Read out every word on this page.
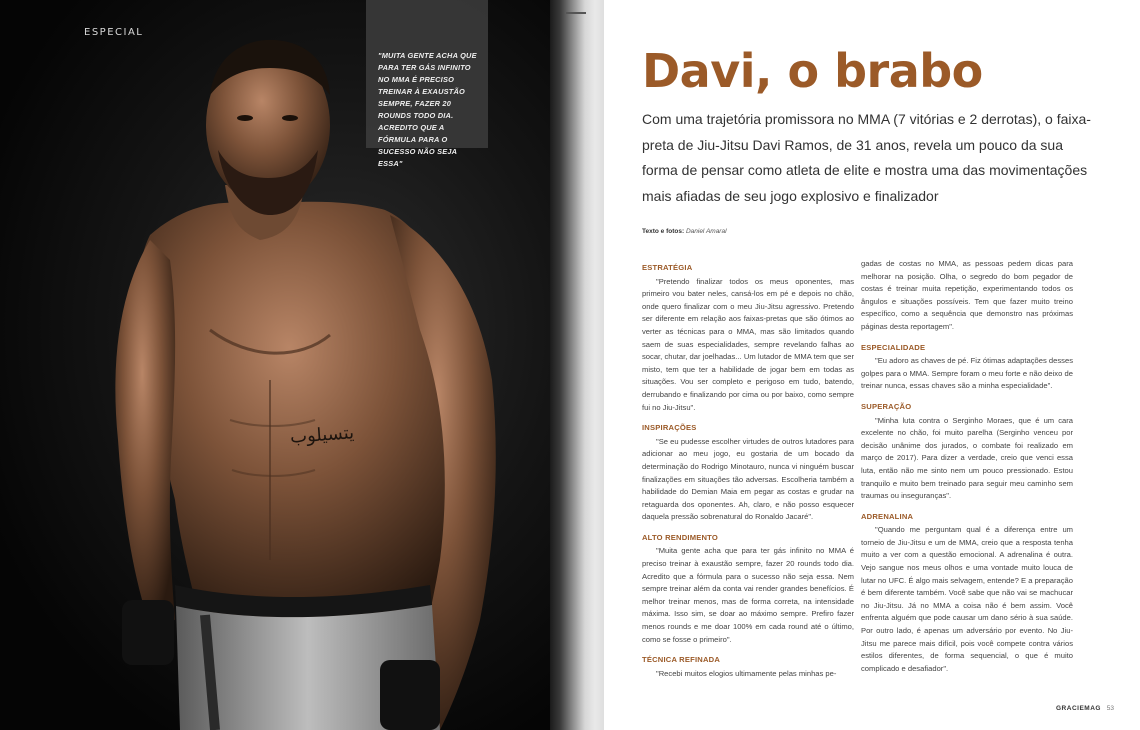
يتسيلوب
ESPECIAL
"MUITA GENTE ACHA QUE PARA TER GÁS INFINITO NO MMA É PRECISO TREINAR À EXAUSTÃO SEMPRE, FAZER 20 ROUNDS TODO DIA. ACREDITO QUE A FÓRMULA PARA O SUCESSO NÃO SEJA ESSA"
Davi, o brabo

Com uma trajetória promissora no MMA (7 vitórias e 2 derrotas), o faixa-preta de Jiu-Jitsu Davi Ramos, de 31 anos, revela um pouco da sua forma de pensar como atleta de elite e mostra uma das movimentações mais afiadas de seu jogo explosivo e finalizador

Texto e fotos: Daniel Amaral
ESTRATÉGIA

"Pretendo finalizar todos os meus oponentes, mas primeiro vou bater neles, cansá-los em pé e depois no chão, onde quero finalizar com o meu Jiu-Jitsu agressivo. Pretendo ser diferente em relação aos faixas-pretas que são ótimos ao verter as técnicas para o MMA, mas são limitados quando saem de suas especialidades, sempre revelando falhas ao socar, chutar, dar joelhadas... Um lutador de MMA tem que ser misto, tem que ter a habilidade de jogar bem em todas as situações. Vou ser completo e perigoso em tudo, batendo, derrubando e finalizando por cima ou por baixo, como sempre fui no Jiu-Jitsu".

INSPIRAÇÕES

"Se eu pudesse escolher virtudes de outros lutadores para adicionar ao meu jogo, eu gostaria de um bocado da determinação do Rodrigo Minotauro, nunca vi ninguém buscar finalizações em situações tão adversas. Escolheria também a habilidade do Demian Maia em pegar as costas e grudar na retaguarda dos oponentes. Ah, claro, e não posso esquecer daquela pressão sobrenatural do Ronaldo Jacaré".

ALTO RENDIMENTO

"Muita gente acha que para ter gás infinito no MMA é preciso treinar à exaustão sempre, fazer 20 rounds todo dia. Acredito que a fórmula para o sucesso não seja essa. Nem sempre treinar além da conta vai render grandes benefícios. É melhor treinar menos, mas de forma correta, na intensidade máxima. Isso sim, se doar ao máximo sempre. Prefiro fazer menos rounds e me doar 100% em cada round até o último, como se fosse o primeiro".

TÉCNICA REFINADA

"Recebi muitos elogios ultimamente pelas minhas pe-

gadas de costas no MMA, as pessoas pedem dicas para melhorar na posição. Olha, o segredo do bom pegador de costas é treinar muita repetição, experimentando todos os ângulos e situações possíveis. Tem que fazer muito treino específico, como a sequência que demonstro nas próximas páginas desta reportagem".

ESPECIALIDADE

"Eu adoro as chaves de pé. Fiz ótimas adaptações desses golpes para o MMA. Sempre foram o meu forte e não deixo de treinar nunca, essas chaves são a minha especialidade".

SUPERAÇÃO

"Minha luta contra o Serginho Moraes, que é um cara excelente no chão, foi muito parelha (Serginho venceu por decisão unânime dos jurados, o combate foi realizado em março de 2017). Para dizer a verdade, creio que venci essa luta, então não me sinto nem um pouco pressionado. Estou tranquilo e muito bem treinado para seguir meu caminho sem traumas ou inseguranças".

ADRENALINA

"Quando me perguntam qual é a diferença entre um torneio de Jiu-Jitsu e um de MMA, creio que a resposta tenha muito a ver com a questão emocional. A adrenalina é outra. Vejo sangue nos meus olhos e uma vontade muito louca de lutar no UFC. É algo mais selvagem, entende? E a preparação é bem diferente também. Você sabe que não vai se machucar no Jiu-Jitsu. Já no MMA a coisa não é bem assim. Você enfrenta alguém que pode causar um dano sério à sua saúde. Por outro lado, é apenas um adversário por evento. No Jiu-Jitsu me parece mais difícil, pois você compete contra vários estilos diferentes, de forma sequencial, o que é muito complicado e desafiador".

GRACIEMAG 53
